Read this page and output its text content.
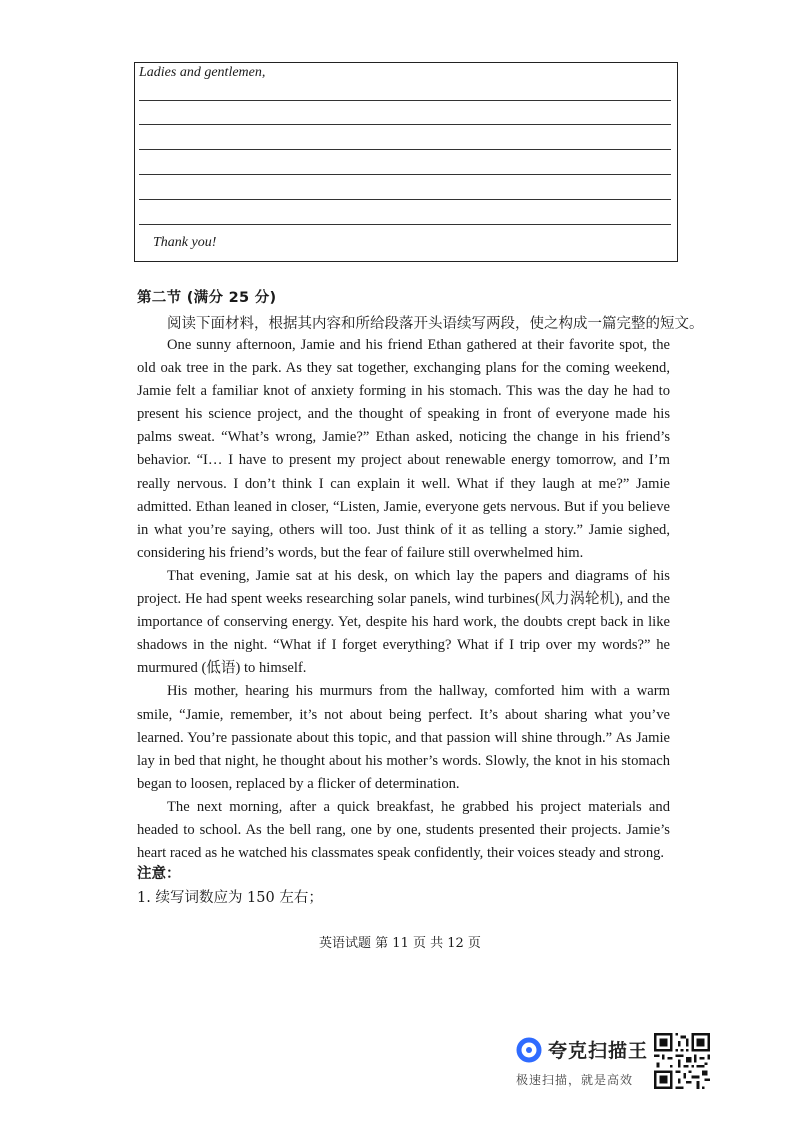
Ladies and gentlemen,
Thank you!
第二节 (满分 25 分)
阅读下面材料，根据其内容和所给段落开头语续写两段，使之构成一篇完整的短文。

One sunny afternoon, Jamie and his friend Ethan gathered at their favorite spot, the old oak tree in the park. As they sat together, exchanging plans for the coming weekend, Jamie felt a familiar knot of anxiety forming in his stomach. This was the day he had to present his science project, and the thought of speaking in front of everyone made his palms sweat. “What’s wrong, Jamie?” Ethan asked, noticing the change in his friend’s behavior. “I… I have to present my project about renewable energy tomorrow, and I’m really nervous. I don’t think I can explain it well. What if they laugh at me?” Jamie admitted. Ethan leaned in closer, “Listen, Jamie, everyone gets nervous. But if you believe in what you’re saying, others will too. Just think of it as telling a story.” Jamie sighed, considering his friend’s words, but the fear of failure still overwhelmed him.

That evening, Jamie sat at his desk, on which lay the papers and diagrams of his project. He had spent weeks researching solar panels, wind turbines(风力涡轮机), and the importance of conserving energy. Yet, despite his hard work, the doubts crept back in like shadows in the night. “What if I forget everything? What if I trip over my words?” he murmured (低语) to himself.

His mother, hearing his murmurs from the hallway, comforted him with a warm smile, “Jamie, remember, it’s not about being perfect. It’s about sharing what you’ve learned. You’re passionate about this topic, and that passion will shine through.” As Jamie lay in bed that night, he thought about his mother’s words. Slowly, the knot in his stomach began to loosen, replaced by a flicker of determination.

The next morning, after a quick breakfast, he grabbed his project materials and headed to school. As the bell rang, one by one, students presented their projects. Jamie’s heart raced as he watched his classmates speak confidently, their voices steady and strong.

注意：
1. 续写词数应为 150 左右；
英语试题 第 11 页 共 12 页
夸克扫描王
极速扫描，就是高效
